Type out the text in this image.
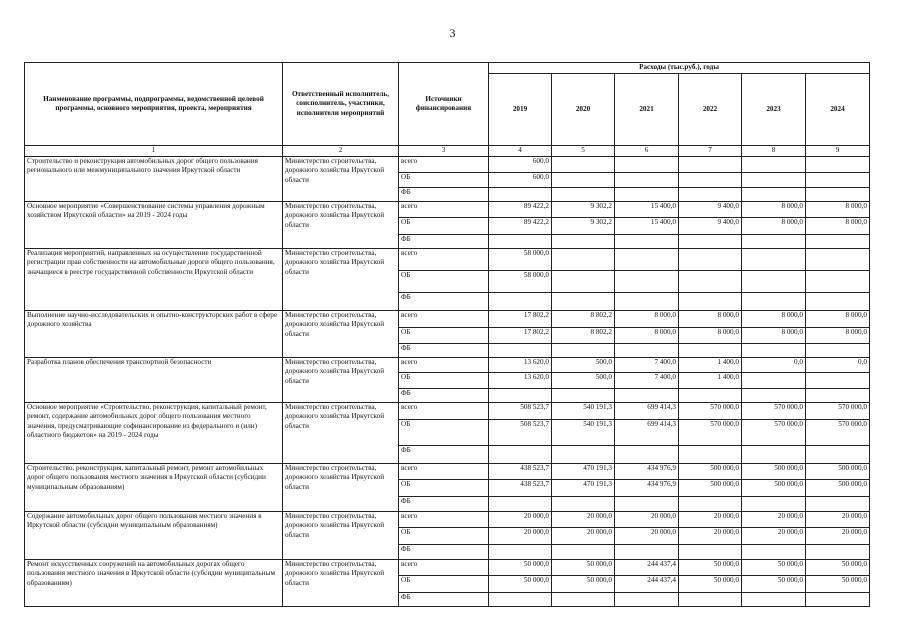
3
Наименование программы, подпрограммы, ведомственной целевой программы, основного мероприятия, проекта, мероприятия	Ответственный исполнитель, соисполнитель, участники, исполнители мероприятий	Источники финансирования	Расходы (тыс.руб.), годы					
			2019	2020	2021	2022	2023	2024
1	2	3	4	5	6	7	8	9
Строительство и реконструкция автомобильных дорог общего пользования регионального или межмуниципального значения Иркутской области	Министерство строительства, дорожного хозяйства Иркутской области	всего	600,0					
		ОБ	600,0					
		ФБ						
Основное мероприятие «Совершенствование системы управления дорожным хозяйством Иркутской области» на 2019 - 2024 годы	Министерство строительства, дорожного хозяйства Иркутской области	всего	89 422,2	9 302,2	15 400,0	9 400,0	8 000,0	8 000,0
		ОБ	89 422,2	9 302,2	15 400,0	9 400,0	8 000,0	8 000,0
		ФБ						
Реализация мероприятий, направленных на осуществление государственной регистрации прав собственности на автомобильные дороги общего пользования, значащиеся в реестре государственной собственности Иркутской области	Министерство строительства, дорожного хозяйства Иркутской области	всего	58 000,0					
		ОБ	58 000,0					
		ФБ						
Выполнение научно-исследовательских и опытно-конструкторских работ в сфере дорожного хозяйства	Министерство строительства, дорожного хозяйства Иркутской области	всего	17 802,2	8 802,2	8 000,0	8 000,0	8 000,0	8 000,0
		ОБ	17 802,2	8 802,2	8 000,0	8 000,0	8 000,0	8 000,0
		ФБ						
Разработка планов обеспечения транспортной безопасности	Министерство строительства, дорожного хозяйства Иркутской области	всего	13 620,0	500,0	7 400,0	1 400,0	0,0	0,0
		ОБ	13 620,0	500,0	7 400,0	1 400,0		
		ФБ						
Основное мероприятие «Строительство, реконструкция, капитальный ремонт, ремонт, содержание автомобильных дорог общего пользования местного значения, предусматривающие софинансирование из федерального и (или) областного бюджетов» на 2019 - 2024 годы	Министерство строительства, дорожного хозяйства Иркутской области	всего	508 523,7	540 191,3	699 414,3	570 000,0	570 000,0	570 000,0
		ОБ	508 523,7	540 191,3	699 414,3	570 000,0	570 000,0	570 000,0
		ФБ						
Строительство, реконструкция, капитальный ремонт, ремонт автомобильных дорог общего пользования местного значения в Иркутской области (субсидии муниципальным образованиям)	Министерство строительства, дорожного хозяйства Иркутской области	всего	438 523,7	470 191,3	434 976,9	500 000,0	500 000,0	500 000,0
		ОБ	438 523,7	470 191,3	434 976,9	500 000,0	500 000,0	500 000,0
		ФБ						
Содержание автомобильных дорог общего пользования местного значения в Иркутской области (субсидии муниципальным образованиям)	Министерство строительства, дорожного хозяйства Иркутской области	всего	20 000,0	20 000,0	20 000,0	20 000,0	20 000,0	20 000,0
		ОБ	20 000,0	20 000,0	20 000,0	20 000,0	20 000,0	20 000,0
		ФБ						
Ремонт искусственных сооружений на автомобильных дорогах общего пользования местного значения в Иркутской области (субсидии муниципальным образованиям)	Министерство строительства, дорожного хозяйства Иркутской области	всего	50 000,0	50 000,0	244 437,4	50 000,0	50 000,0	50 000,0
		ОБ	50 000,0	50 000,0	244 437,4	50 000,0	50 000,0	50 000,0
		ФБ						
